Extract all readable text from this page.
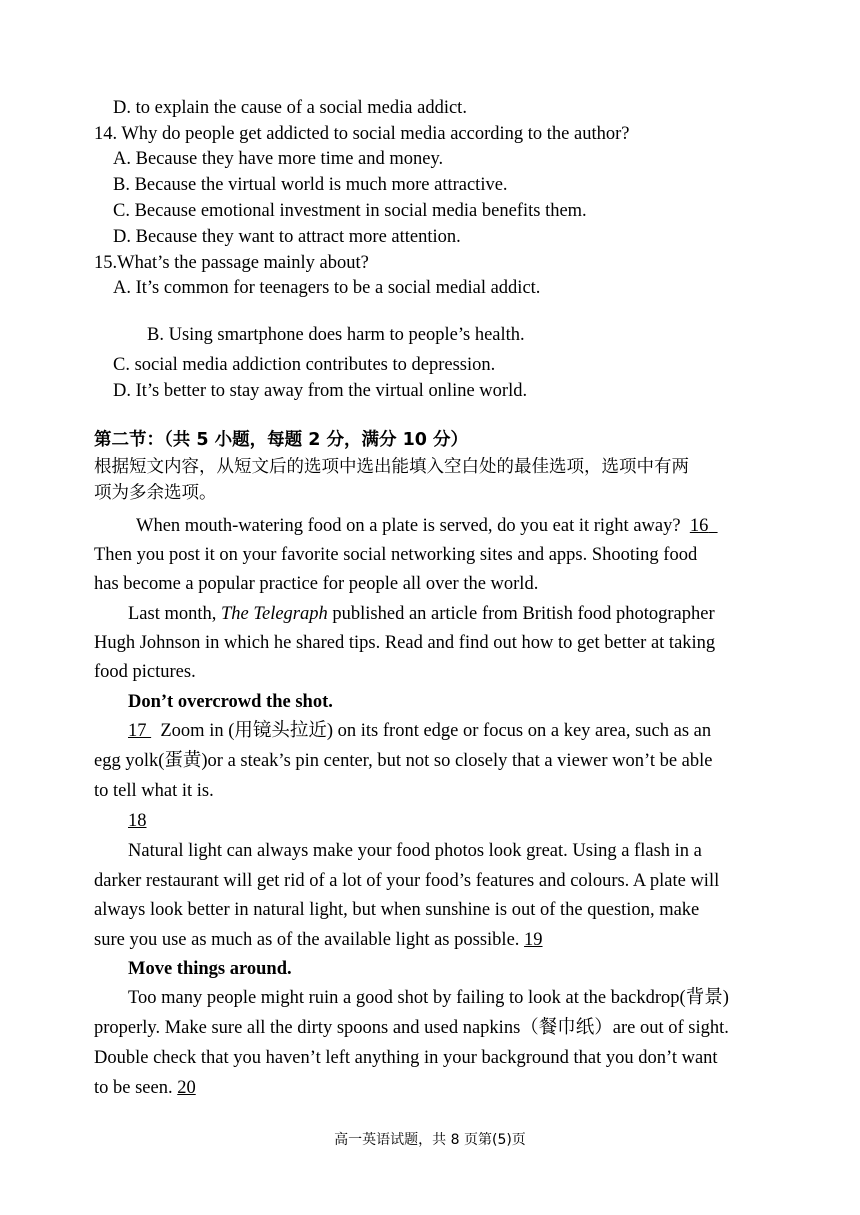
D. to explain the cause of a social media addict.
14. Why do people get addicted to social media according to the author?
A. Because they have more time and money.
B. Because the virtual world is much more attractive.
C. Because emotional investment in social media benefits them.
D. Because they want to attract more attention.
15.What’s the passage mainly about?
A. It’s common for teenagers to be a social medial addict.
B. Using smartphone does harm to people’s health.
C. social media addiction contributes to depression.
D. It’s better to stay away from the virtual online world.
第二节：（共 5 小题，每题 2 分，满分 10 分）
根据短文内容，从短文后的选项中选出能填入空白处的最佳选项，选项中有两
项为多余选项。
When mouth-watering food on a plate is served, do you eat it right away? 16
Then you post it on your favorite social networking sites and apps. Shooting food
has become a popular practice for people all over the world.
Last month, The Telegraph published an article from British food photographer
Hugh Johnson in which he shared tips. Read and find out how to get better at taking
food pictures.
Don’t overcrowd the shot.
17 Zoom in (用镜头拉近) on its front edge or focus on a key area, such as an
egg yolk(蛋黄)or a steak’s pin center, but not so closely that a viewer won’t be able
to tell what it is.
18
Natural light can always make your food photos look great. Using a flash in a
darker restaurant will get rid of a lot of your food’s features and colours. A plate will
always look better in natural light, but when sunshine is out of the question, make
sure you use as much as of the available light as possible. 19
Move things around.
Too many people might ruin a good shot by failing to look at the backdrop(背景)
properly. Make sure all the dirty spoons and used napkins（餐巾纸）are out of sight.
Double check that you haven’t left anything in your background that you don’t want
to be seen. 20
高一英语试题，共 8 页第(5)页
